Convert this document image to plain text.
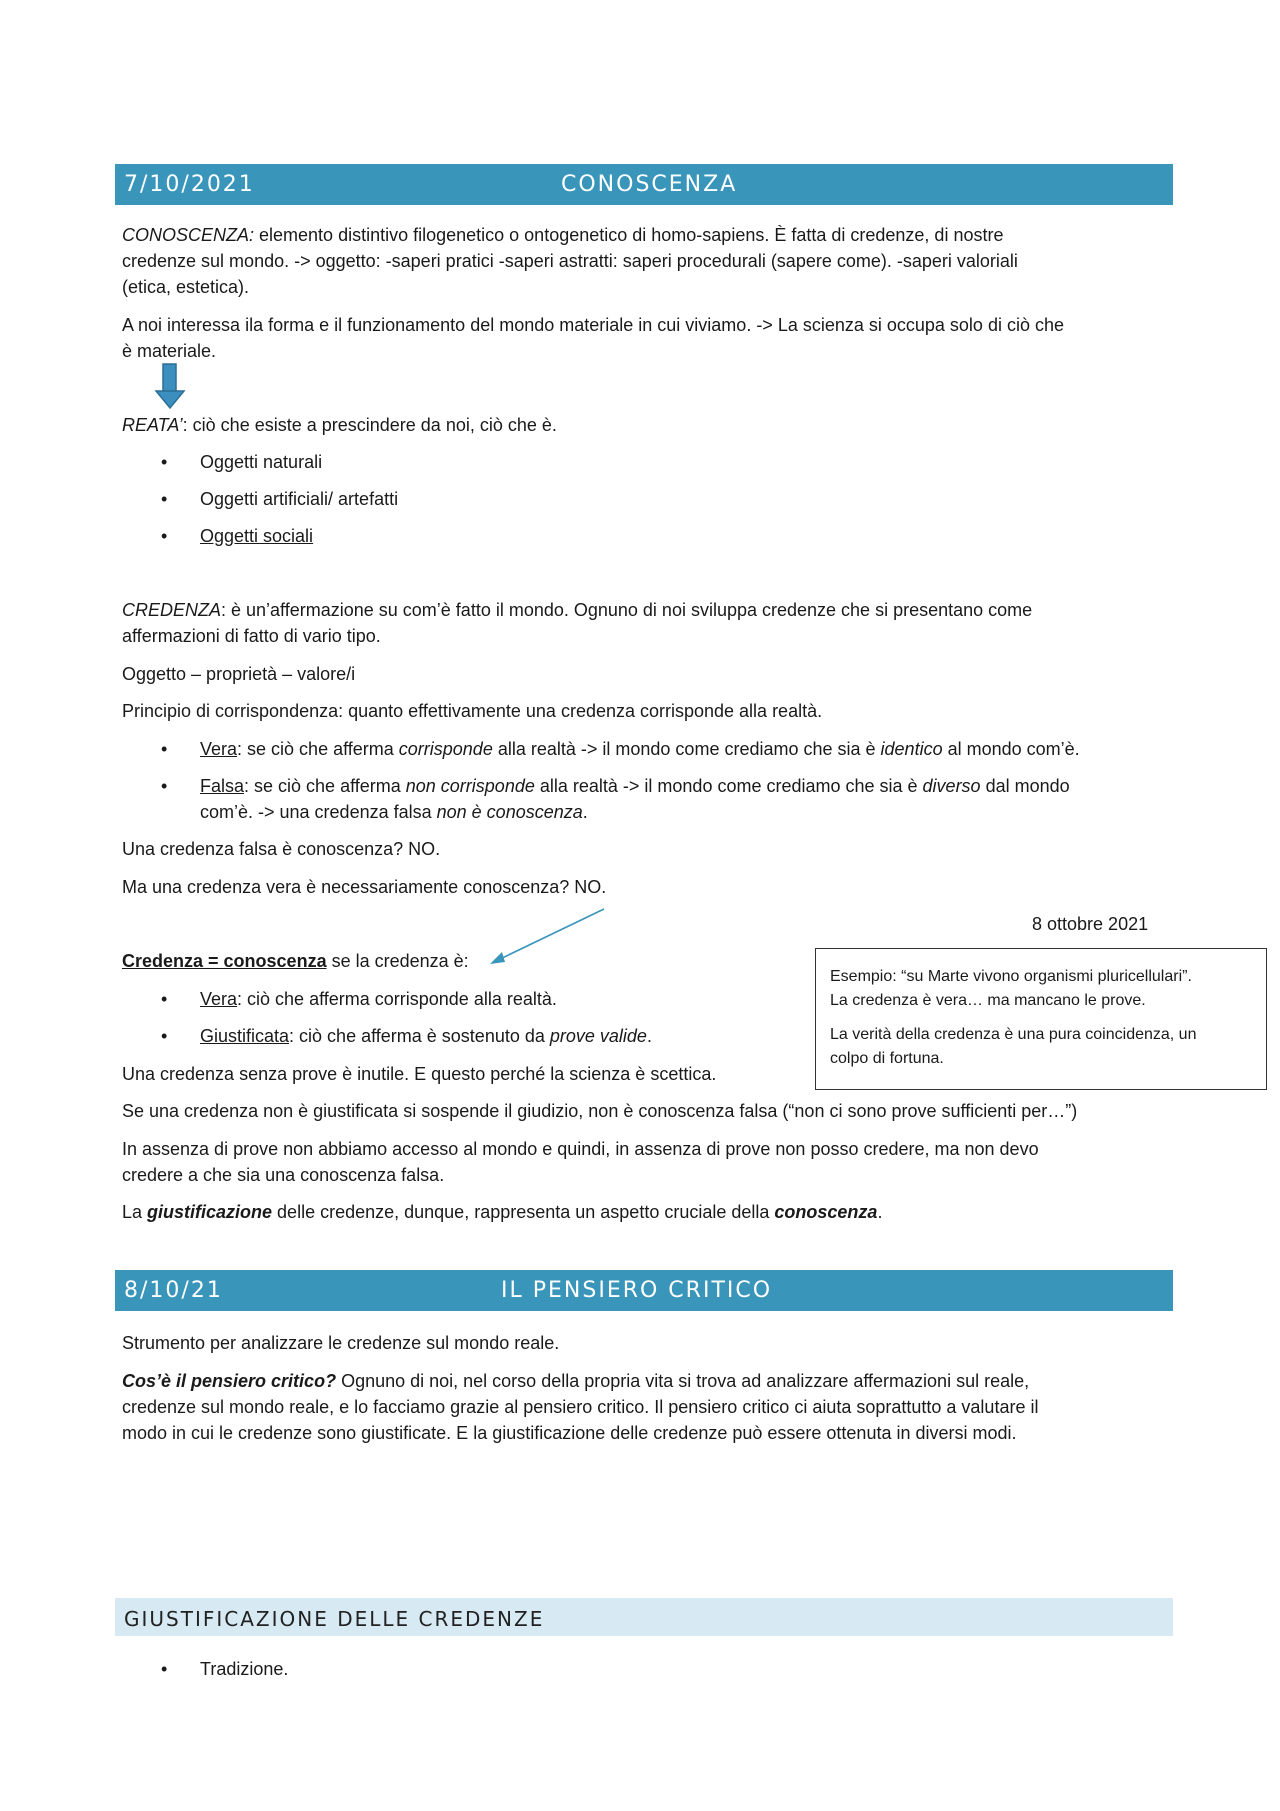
7/10/2021	CONOSCENZA

CONOSCENZA: elemento distintivo filogenetico o ontogenetico di homo-sapiens. È fatta di credenze, di nostre

credenze sul mondo. -> oggetto: -saperi pratici -saperi astratti: saperi procedurali (sapere come). -saperi valoriali

(etica, estetica).

A noi interessa ila forma e il funzionamento del mondo materiale in cui viviamo. -> La scienza si occupa solo di ciò che

è materiale.

REATA’: ciò che esiste a prescindere da noi, ciò che è.

• Oggetti naturali
• Oggetti artificiali/ artefatti
• Oggetti sociali

CREDENZA: è un’affermazione su com’è fatto il mondo. Ognuno di noi sviluppa credenze che si presentano come

affermazioni di fatto di vario tipo.

Oggetto – proprietà – valore/i

Principio di corrispondenza: quanto effettivamente una credenza corrisponde alla realtà.

• Vera: se ciò che afferma corrisponde alla realtà -> il mondo come crediamo che sia è identico al mondo com’è.

• Falsa: se ciò che afferma non corrisponde alla realtà -> il mondo come crediamo che sia è diverso dal mondo

com’è. -> una credenza falsa non è conoscenza.

Una credenza falsa è conoscenza? NO.

Ma una credenza vera è necessariamente conoscenza? NO.

8 ottobre 2021

Credenza = conoscenza se la credenza è:

• Vera: ciò che afferma corrisponde alla realtà.

• Giustificata: ciò che afferma è sostenuto da prove valide.

Esempio: “su Marte vivono organismi pluricellulari”.

La credenza è vera… ma mancano le prove.

La verità della credenza è una pura coincidenza, un

colpo di fortuna.

Una credenza senza prove è inutile. E questo perché la scienza è scettica.

Se una credenza non è giustificata si sospende il giudizio, non è conoscenza falsa (“non ci sono prove sufficienti per…”)

In assenza di prove non abbiamo accesso al mondo e quindi, in assenza di prove non posso credere, ma non devo

credere a che sia una conoscenza falsa.

La giustificazione delle credenze, dunque, rappresenta un aspetto cruciale della conoscenza.

8/10/21	IL PENSIERO CRITICO

Strumento per analizzare le credenze sul mondo reale.

Cos’è il pensiero critico? Ognuno di noi, nel corso della propria vita si trova ad analizzare affermazioni sul reale,

credenze sul mondo reale, e lo facciamo grazie al pensiero critico. Il pensiero critico ci aiuta soprattutto a valutare il

modo in cui le credenze sono giustificate. E la giustificazione delle credenze può essere ottenuta in diversi modi.

GIUSTIFICAZIONE DELLE CREDENZE
• Tradizione.
